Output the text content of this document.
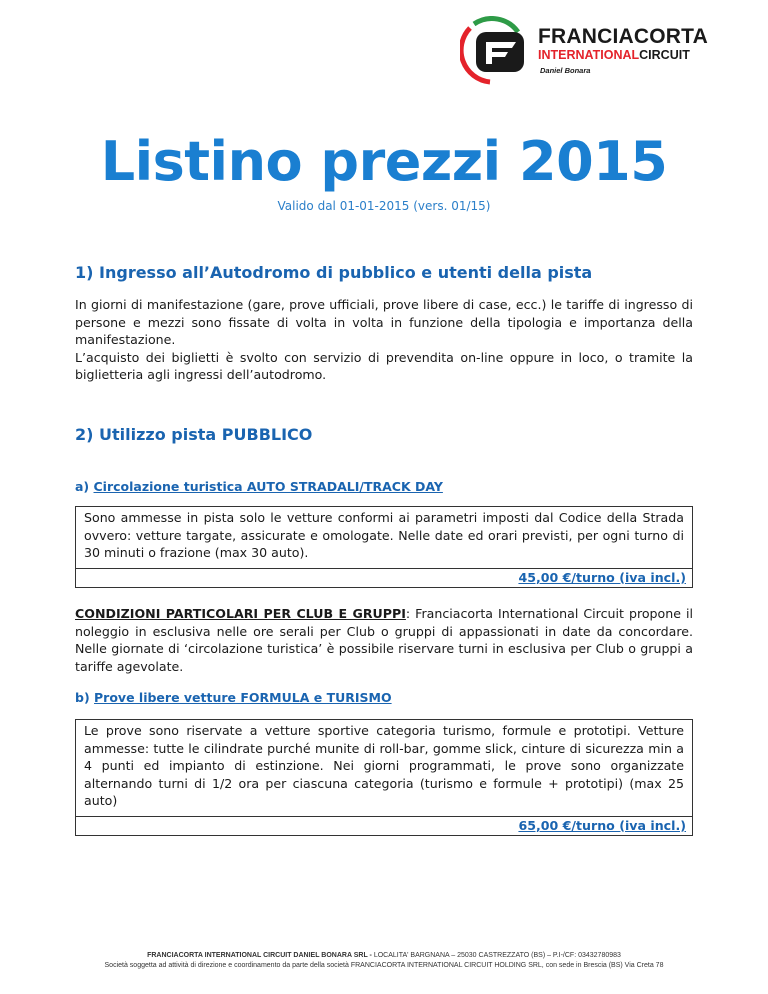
FRANCIACORTA
INTERNATIONALCIRCUIT
Daniel Bonara
Listino prezzi 2015
Valido dal 01-01-2015 (vers. 01/15)
1) Ingresso all’Autodromo di pubblico e utenti della pista
In giorni di manifestazione (gare, prove ufficiali, prove libere di case, ecc.) le tariffe di ingresso di persone e mezzi sono fissate di volta in volta in funzione della tipologia e importanza della manifestazione.
L’acquisto dei biglietti è svolto con servizio di prevendita on-line oppure in loco, o tramite la biglietteria agli ingressi dell’autodromo.
2) Utilizzo pista PUBBLICO
a) Circolazione turistica AUTO STRADALI/TRACK DAY
Sono ammesse in pista solo le vetture conformi ai parametri imposti dal Codice della Strada ovvero: vetture targate, assicurate e omologate. Nelle date ed orari previsti, per ogni turno di 30 minuti o frazione (max 30 auto).
45,00 €/turno (iva incl.)
CONDIZIONI PARTICOLARI PER CLUB E GRUPPI: Franciacorta International Circuit propone il noleggio in esclusiva nelle ore serali per Club o gruppi di appassionati in date da concordare. Nelle giornate di ‘circolazione turistica’ è possibile riservare turni in esclusiva per Club o gruppi a tariffe agevolate.
b) Prove libere vetture FORMULA e TURISMO
Le prove sono riservate a vetture sportive categoria turismo, formule e prototipi. Vetture ammesse: tutte le cilindrate purché munite di roll-bar, gomme slick, cinture di sicurezza min a 4 punti ed impianto di estinzione. Nei giorni programmati, le prove sono organizzate alternando turni di 1/2 ora per ciascuna categoria (turismo e formule + prototipi) (max 25 auto)
65,00 €/turno (iva incl.)
FRANCIACORTA INTERNATIONAL CIRCUIT DANIEL BONARA SRL - LOCALITA' BARGNANA – 25030 CASTREZZATO (BS) – P.I-/CF: 03432780983
Società soggetta ad attività di direzione e coordinamento da parte della società FRANCIACORTA INTERNATIONAL CIRCUIT HOLDING SRL, con sede in Brescia (BS) Via Creta 78
